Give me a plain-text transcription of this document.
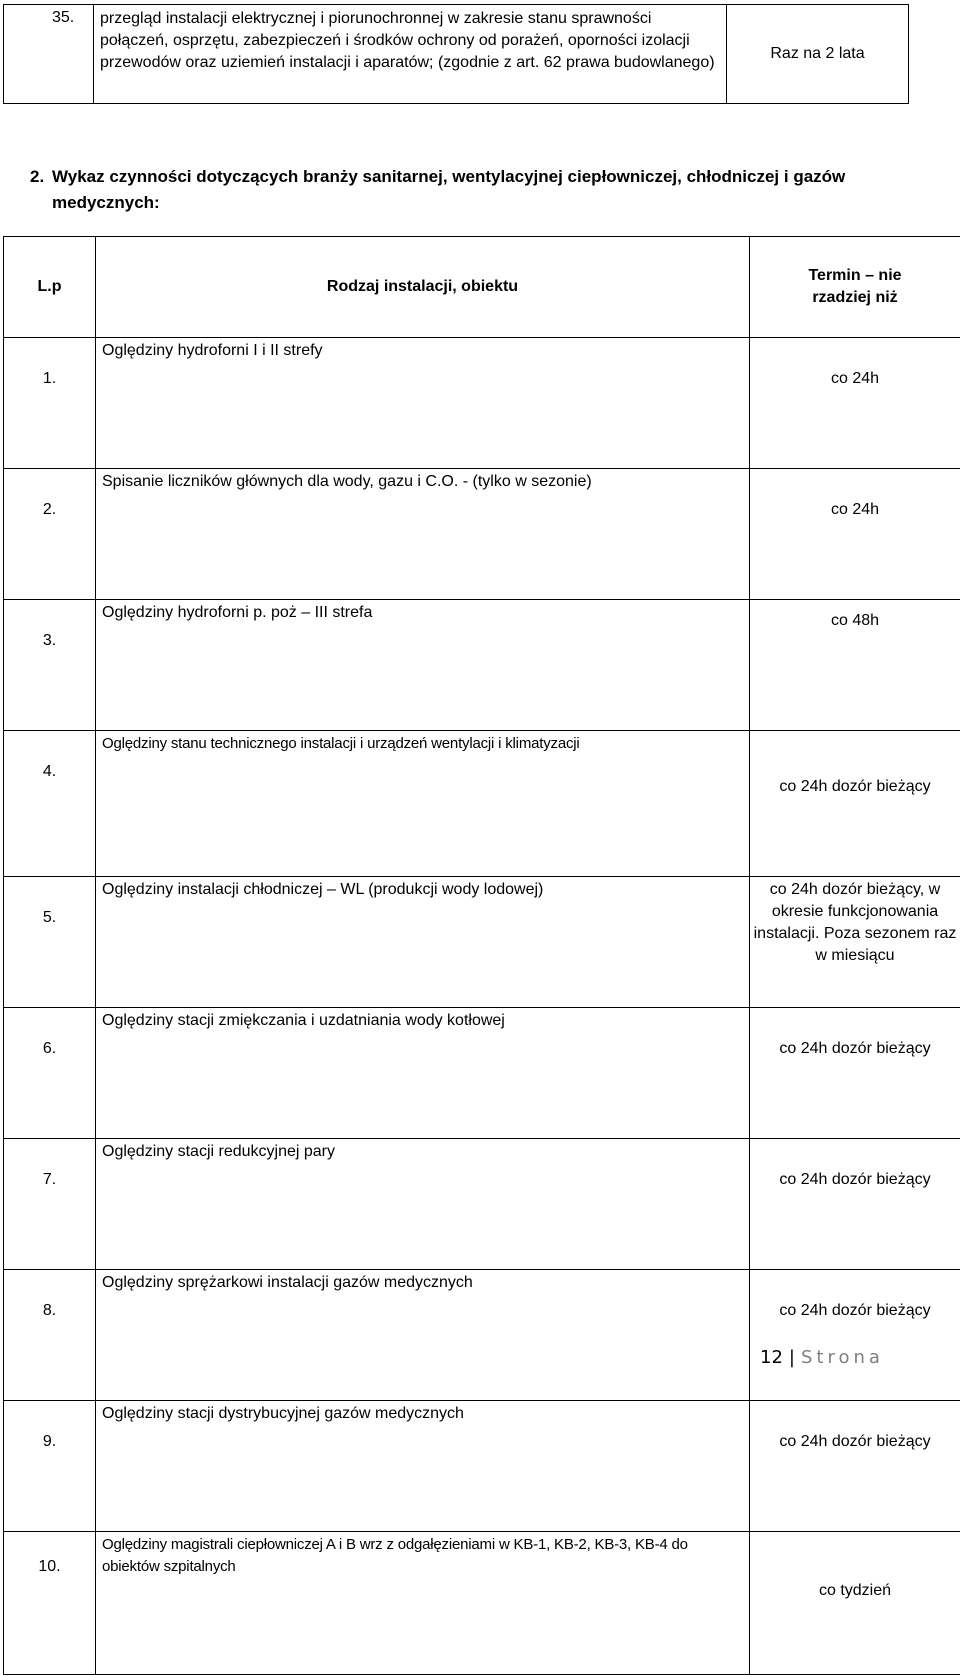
35.	przegląd instalacji elektrycznej i piorunochronnej w zakresie stanu sprawności połączeń, osprzętu, zabezpieczeń i środków ochrony od porażeń, oporności izolacji przewodów oraz uziemień instalacji i aparatów; (zgodnie z art. 62 prawa budowlanego)	Raz na 2 lata
2. Wykaz czynności dotyczących branży sanitarnej, wentylacyjnej ciepłowniczej, chłodniczej i gazów medycznych:
L.p	Rodzaj instalacji, obiektu	Termin – nie rzadziej niż
1.	Oględziny hydroforni I i II strefy	co 24h
2.	Spisanie liczników głównych dla wody, gazu i C.O. - (tylko w sezonie)	co 24h
3.	Oględziny hydroforni p. poż – III strefa	co 48h
4.	Oględziny stanu technicznego instalacji i urządzeń wentylacji i klimatyzacji	co 24h dozór bieżący
5.	Oględziny instalacji chłodniczej – WL (produkcji wody lodowej)	co 24h dozór bieżący, w okresie funkcjonowania instalacji. Poza sezonem raz w miesiącu
6.	Oględziny stacji zmiękczania i uzdatniania wody kotłowej	co 24h dozór bieżący
7.	Oględziny stacji redukcyjnej pary	co 24h dozór bieżący
8.	Oględziny sprężarkowi instalacji gazów medycznych	co 24h dozór bieżący
9.	Oględziny stacji dystrybucyjnej gazów medycznych	co 24h dozór bieżący
10.	Oględziny magistrali ciepłowniczej A i B wrz z odgałęzieniami w KB-1, KB-2, KB-3, KB-4 do obiektów szpitalnych	co tydzień
12 | Strona
